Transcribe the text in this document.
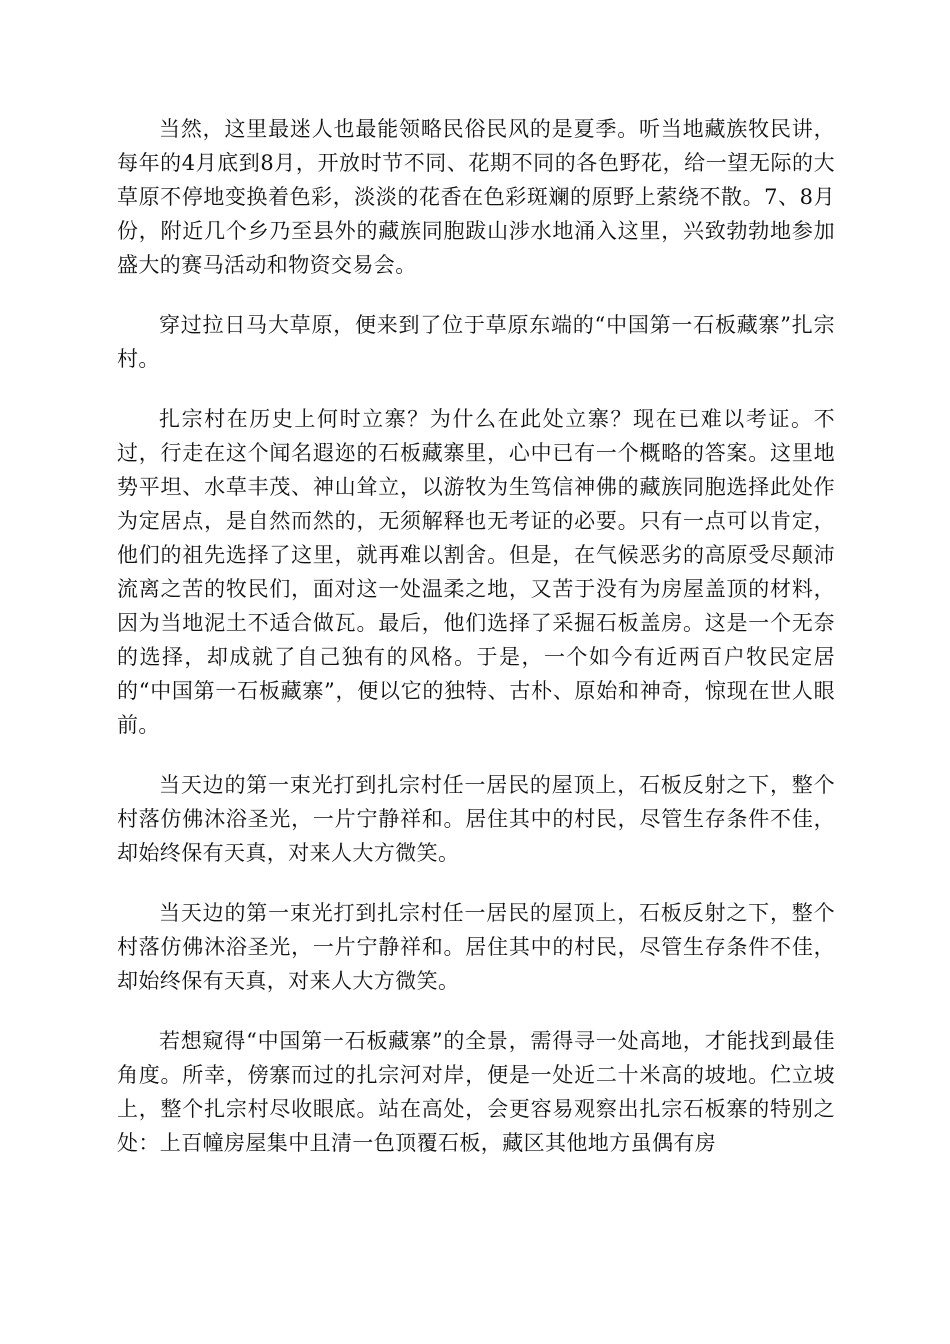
当然，这里最迷人也最能领略民俗民风的是夏季。听当地藏族牧民讲，每年的4月底到8月，开放时节不同、花期不同的各色野花，给一望无际的大草原不停地变换着色彩，淡淡的花香在色彩斑斓的原野上萦绕不散。7、8月份，附近几个乡乃至县外的藏族同胞跋山涉水地涌入这里，兴致勃勃地参加盛大的赛马活动和物资交易会。

穿过拉日马大草原，便来到了位于草原东端的“中国第一石板藏寨”扎宗村。

扎宗村在历史上何时立寨？为什么在此处立寨？现在已难以考证。不过，行走在这个闻名遐迩的石板藏寨里，心中已有一个概略的答案。这里地势平坦、水草丰茂、神山耸立，以游牧为生笃信神佛的藏族同胞选择此处作为定居点，是自然而然的，无须解释也无考证的必要。只有一点可以肯定，他们的祖先选择了这里，就再难以割舍。但是，在气候恶劣的高原受尽颠沛流离之苦的牧民们，面对这一处温柔之地，又苦于没有为房屋盖顶的材料，因为当地泥土不适合做瓦。最后，他们选择了采掘石板盖房。这是一个无奈的选择，却成就了自己独有的风格。于是，一个如今有近两百户牧民定居的“中国第一石板藏寨”，便以它的独特、古朴、原始和神奇，惊现在世人眼前。

当天边的第一束光打到扎宗村任一居民的屋顶上，石板反射之下，整个村落仿佛沐浴圣光，一片宁静祥和。居住其中的村民，尽管生存条件不佳，却始终保有天真，对来人大方微笑。

当天边的第一束光打到扎宗村任一居民的屋顶上，石板反射之下，整个村落仿佛沐浴圣光，一片宁静祥和。居住其中的村民，尽管生存条件不佳，却始终保有天真，对来人大方微笑。

若想窥得“中国第一石板藏寨”的全景，需得寻一处高地，才能找到最佳角度。所幸，傍寨而过的扎宗河对岸，便是一处近二十米高的坡地。伫立坡上，整个扎宗村尽收眼底。站在高处，会更容易观察出扎宗石板寨的特别之处：上百幢房屋集中且清一色顶覆石板，藏区其他地方虽偶有房
